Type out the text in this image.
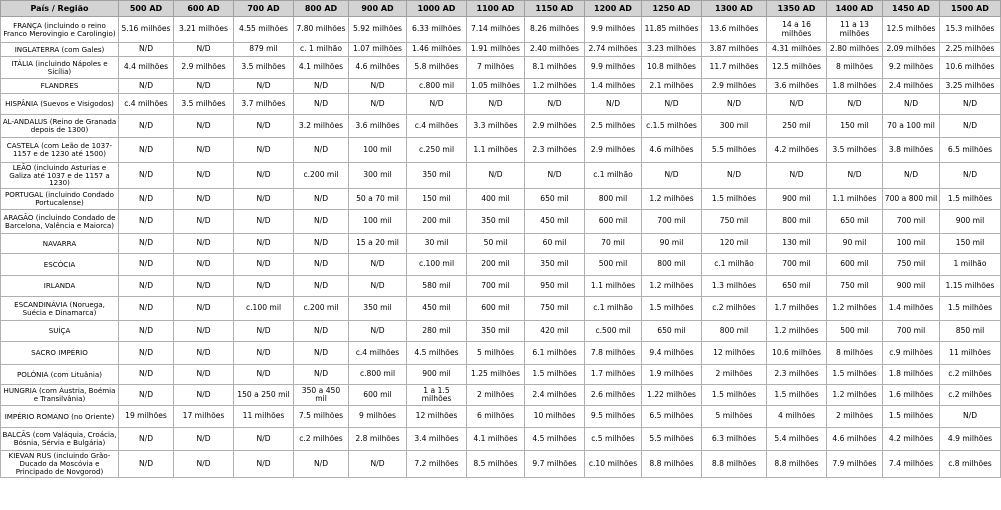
País / Região	500 AD	600 AD	700 AD	800 AD	900 AD	1000 AD	1100 AD	1150 AD	1200 AD	1250 AD	1300 AD	1350 AD	1400 AD	1450 AD	1500 AD
FRANÇA (incluindo o reino Franco Merovingio e Carolingio)	5.16 milhões	3.21 milhões	4.55 milhões	7.80 milhões	5.92 milhões	6.33 milhões	7.14 milhões	8.26 milhões	9.9 milhões	11.85 milhões	13.6 milhões	14 a 16 milhões	11 a 13 milhões	12.5 milhões	15.3 milhões
INGLATERRA (com Gales)	N/D	N/D	879 mil	c. 1 milhão	1.07 milhões	1.46 milhões	1.91 milhões	2.40 milhões	2.74 milhões	3.23 milhões	3.87 milhões	4.31 milhões	2.80 milhões	2.09 milhões	2.25 milhões
ITÁLIA (incluindo Nápoles e Sicília)	4.4 milhões	2.9 milhões	3.5 milhões	4.1 milhões	4.6 milhões	5.8 milhões	7 milhões	8.1 milhões	9.9 milhões	10.8 milhões	11.7 milhões	12.5 milhões	8 milhões	9.2 milhões	10.6 milhões
FLANDRES	N/D	N/D	N/D	N/D	N/D	c.800 mil	1.05 milhões	1.2 milhões	1.4 milhões	2.1 milhões	2.9 milhões	3.6 milhões	1.8 milhões	2.4 milhões	3.25 milhões
HISPÂNIA (Suevos e Visigodos)	c.4 milhões	3.5 milhões	3.7 milhões	N/D	N/D	N/D	N/D	N/D	N/D	N/D	N/D	N/D	N/D	N/D	N/D
AL-ANDALUS (Reino de Granada depois de 1300)	N/D	N/D	N/D	3.2 milhões	3.6 milhões	c.4 milhões	3.3 milhões	2.9 milhões	2.5 milhões	c.1.5 milhões	300 mil	250 mil	150 mil	70 a 100 mil	N/D
CASTELA (com Leão de 1037- 1157 e de 1230 até 1500)	N/D	N/D	N/D	N/D	100 mil	c.250 mil	1.1 milhões	2.3 milhões	2.9 milhões	4.6 milhões	5.5 milhões	4.2 milhões	3.5 milhões	3.8 milhões	6.5 milhões
LEÃO (incluindo Asturias e Galiza até 1037 e de 1157 a 1230)	N/D	N/D	N/D	c.200 mil	300 mil	350 mil	N/D	N/D	c.1 milhão	N/D	N/D	N/D	N/D	N/D	N/D
PORTUGAL (incluindo Condado Portucalense)	N/D	N/D	N/D	N/D	50 a 70 mil	150 mil	400 mil	650 mil	800 mil	1.2 milhões	1.5 milhões	900 mil	1.1 milhões	700 a 800 mil	1.5 milhões
ARAGÃO (incluindo Condado de Barcelona, Valência e Maiorca)	N/D	N/D	N/D	N/D	100 mil	200 mil	350 mil	450 mil	600 mil	700 mil	750 mil	800 mil	650 mil	700 mil	900 mil
NAVARRA	N/D	N/D	N/D	N/D	15 a 20 mil	30 mil	50 mil	60 mil	70 mil	90 mil	120 mil	130 mil	90 mil	100 mil	150 mil
ESCÓCIA	N/D	N/D	N/D	N/D	N/D	c.100 mil	200 mil	350 mil	500 mil	800 mil	c.1 milhão	700 mil	600 mil	750 mil	1 milhão
IRLANDA	N/D	N/D	N/D	N/D	N/D	580 mil	700 mil	950 mil	1.1 milhões	1.2 milhões	1.3 milhões	650 mil	750 mil	900 mil	1.15 milhões
ESCANDINÁVIA (Noruega, Suécia e Dinamarca)	N/D	N/D	c.100 mil	c.200 mil	350 mil	450 mil	600 mil	750 mil	c.1 milhão	1.5 milhões	c.2 milhões	1.7 milhões	1.2 milhões	1.4 milhões	1.5 milhões
SUÍÇA	N/D	N/D	N/D	N/D	N/D	280 mil	350 mil	420 mil	c.500 mil	650 mil	800 mil	1.2 milhões	500 mil	700 mil	850 mil
SACRO IMPÉRIO	N/D	N/D	N/D	N/D	c.4 milhões	4.5 milhões	5 milhões	6.1 milhões	7.8 milhões	9.4 milhões	12 milhões	10.6 milhões	8 milhões	c.9 milhões	11 milhões
POLÓNIA (com Lituânia)	N/D	N/D	N/D	N/D	c.800 mil	900 mil	1.25 milhões	1.5 milhões	1.7 milhões	1.9 milhões	2 milhões	2.3 milhões	1.5 milhões	1.8 milhões	c.2 milhões
HUNGRIA (com Áustria, Boémia e Transilvânia)	N/D	N/D	150 a 250 mil	350 a 450 mil	600 mil	1 a 1.5 milhões	2 milhões	2.4 milhões	2.6 milhões	1.22 milhões	1.5 milhões	1.5 milhões	1.2 milhões	1.6 milhões	c.2 milhões
IMPÉRIO ROMANO (no Oriente)	19 milhões	17 milhões	11 milhões	7.5 milhões	9 milhões	12 milhões	6 milhões	10 milhões	9.5 milhões	6.5 milhões	5 milhões	4 milhões	2 milhões	1.5 milhões	N/D
BALCÃS (com Valáquia, Croácia, Bósnia, Sérvia e Bulgária)	N/D	N/D	N/D	c.2 milhões	2.8 milhões	3.4 milhões	4.1 milhões	4.5 milhões	c.5 milhões	5.5 milhões	6.3 milhões	5.4 milhões	4.6 milhões	4.2 milhões	4.9 milhões
KIEVAN RUS (incluindo Grão-Ducado da Moscóvia e Principado de Novgorod)	N/D	N/D	N/D	N/D	N/D	7.2 milhões	8.5 milhões	9.7 milhões	c.10 milhões	8.8 milhões	8.8 milhões	8.8 milhões	7.9 milhões	7.4 milhões	c.8 milhões
